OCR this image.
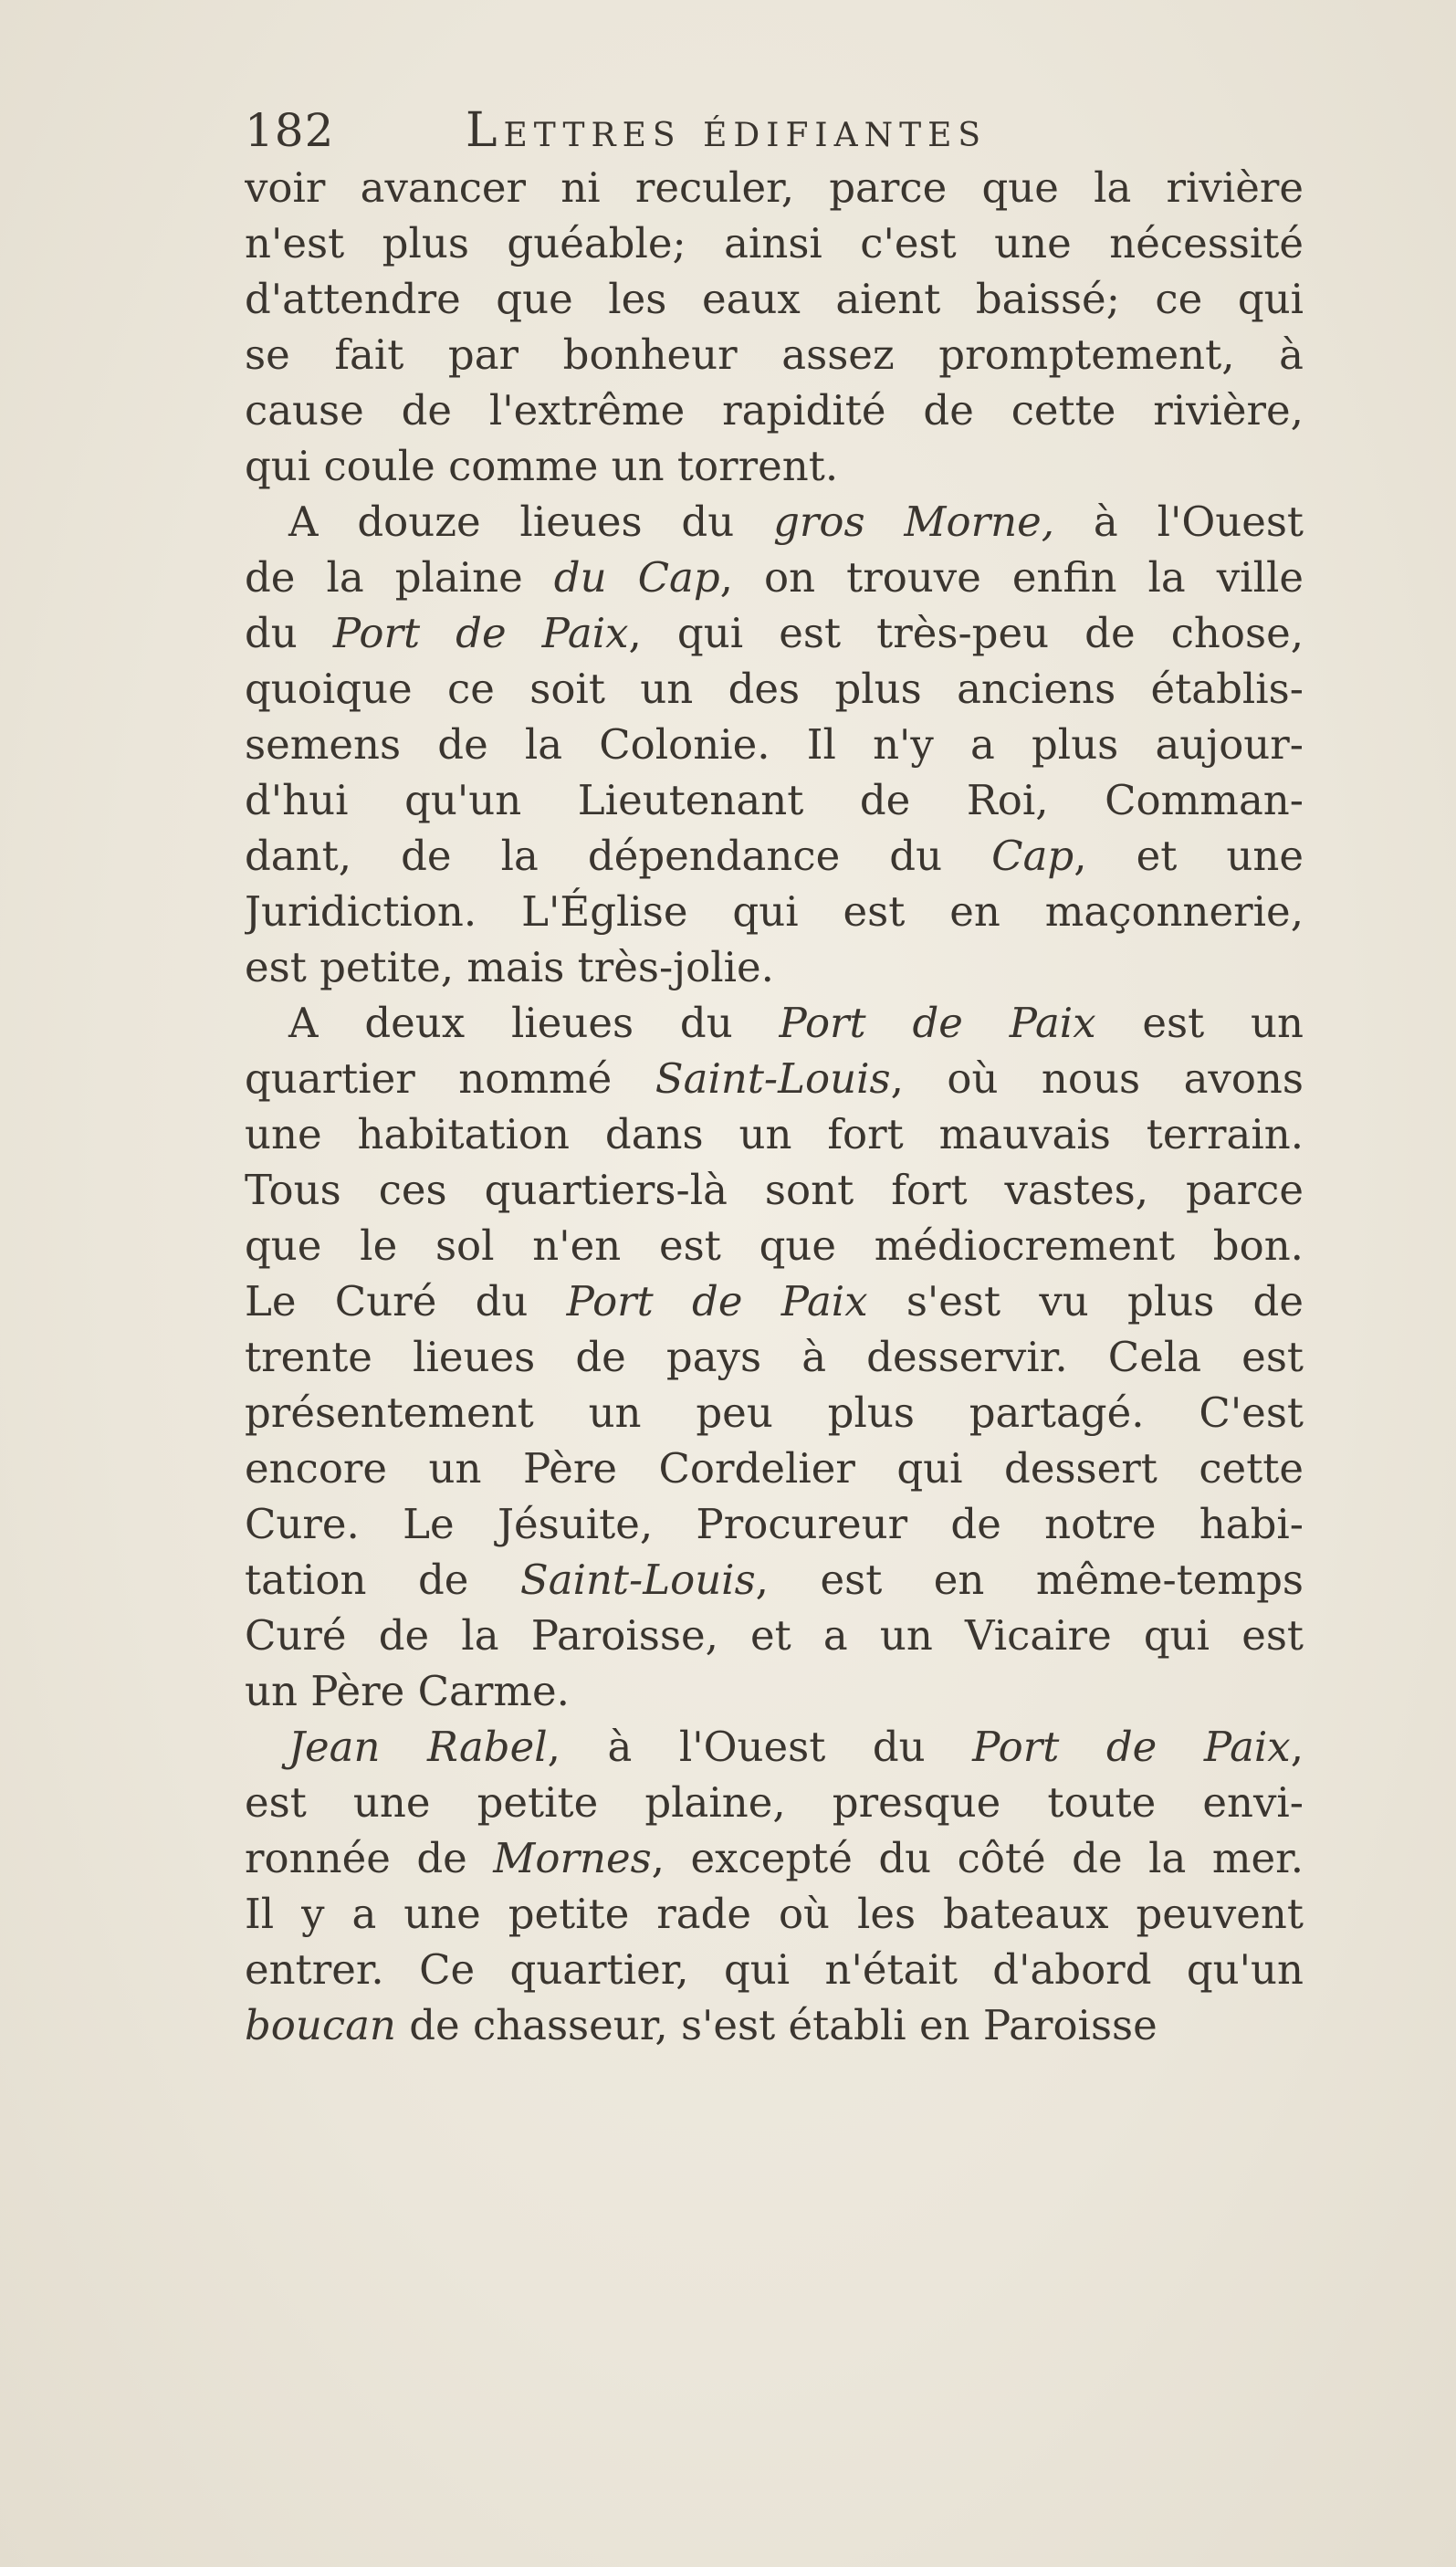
182	Lettres édifiantes
voir avancer ni reculer, parce que la rivière
n'est plus guéable; ainsi c'est une nécessité
d'attendre que les eaux aient baissé; ce qui
se fait par bonheur assez promptement, à
cause de l'extrême rapidité de cette rivière,
qui coule comme un torrent.
A douze lieues du gros Morne, à l'Ouest
de la plaine du Cap, on trouve enfin la ville
du Port de Paix, qui est très-peu de chose,
quoique ce soit un des plus anciens établis-
semens de la Colonie. Il n'y a plus aujour-
d'hui qu'un Lieutenant de Roi, Comman-
dant, de la dépendance du Cap, et une
Juridiction. L'Église qui est en maçonnerie,
est petite, mais très-jolie.
A deux lieues du Port de Paix est un
quartier nommé Saint-Louis, où nous avons
une habitation dans un fort mauvais terrain.
Tous ces quartiers-là sont fort vastes, parce
que le sol n'en est que médiocrement bon.
Le Curé du Port de Paix s'est vu plus de
trente lieues de pays à desservir. Cela est
présentement un peu plus partagé. C'est
encore un Père Cordelier qui dessert cette
Cure. Le Jésuite, Procureur de notre habi-
tation de Saint-Louis, est en même-temps
Curé de la Paroisse, et a un Vicaire qui est
un Père Carme.
Jean Rabel, à l'Ouest du Port de Paix,
est une petite plaine, presque toute envi-
ronnée de Mornes, excepté du côté de la mer.
Il y a une petite rade où les bateaux peuvent
entrer. Ce quartier, qui n'était d'abord qu'un
boucan de chasseur, s'est établi en Paroisse
